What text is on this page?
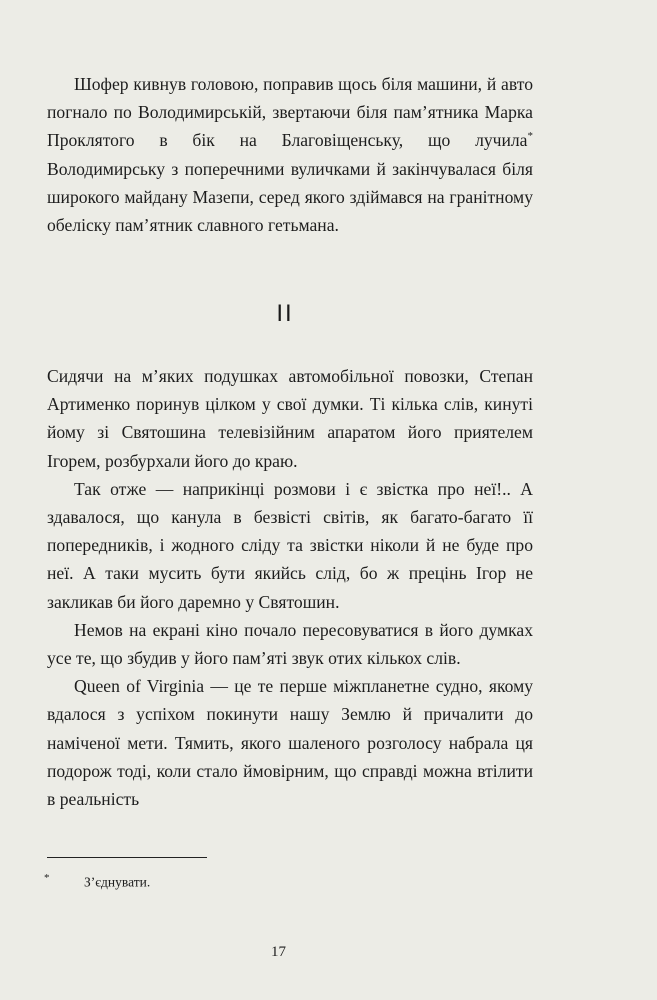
Шофер кивнув головою, поправив щось біля машини, й авто погнало по Володимирській, звертаючи біля пам’ятника Марка Проклятого в бік на Благовіщенську, що лучила* Володимирську з поперечними вуличками й закінчувалася біля широкого майдану Мазепи, серед якого здіймався на гранітному обеліску пам’ятник славного гетьмана.

II

Сидячи на м’яких подушках автомобільної повозки, Степан Артименко поринув цілком у свої думки. Ті кілька слів, кинуті йому зі Святошина телевізійним апаратом його приятелем Ігорем, розбурхали його до краю.

Так отже — наприкінці розмови і є звістка про неї!.. А здавалося, що канула в безвісті світів, як багато-багато її попередників, і жодного сліду та звістки ніколи й не буде про неї. А таки мусить бути якийсь слід, бо ж прецінь Ігор не закликав би його даремно у Святошин.

Немов на екрані кіно почало пересовуватися в його думках усе те, що збудив у його пам’яті звук отих кількох слів.

Queen of Virginia — це те перше міжпланетне судно, якому вдалося з успіхом покинути нашу Землю й причалити до наміченої мети. Тямить, якого шаленого розголосу набрала ця подорож тоді, коли стало ймовірним, що справді можна втілити в реальність

*	З’єднувати.
17
